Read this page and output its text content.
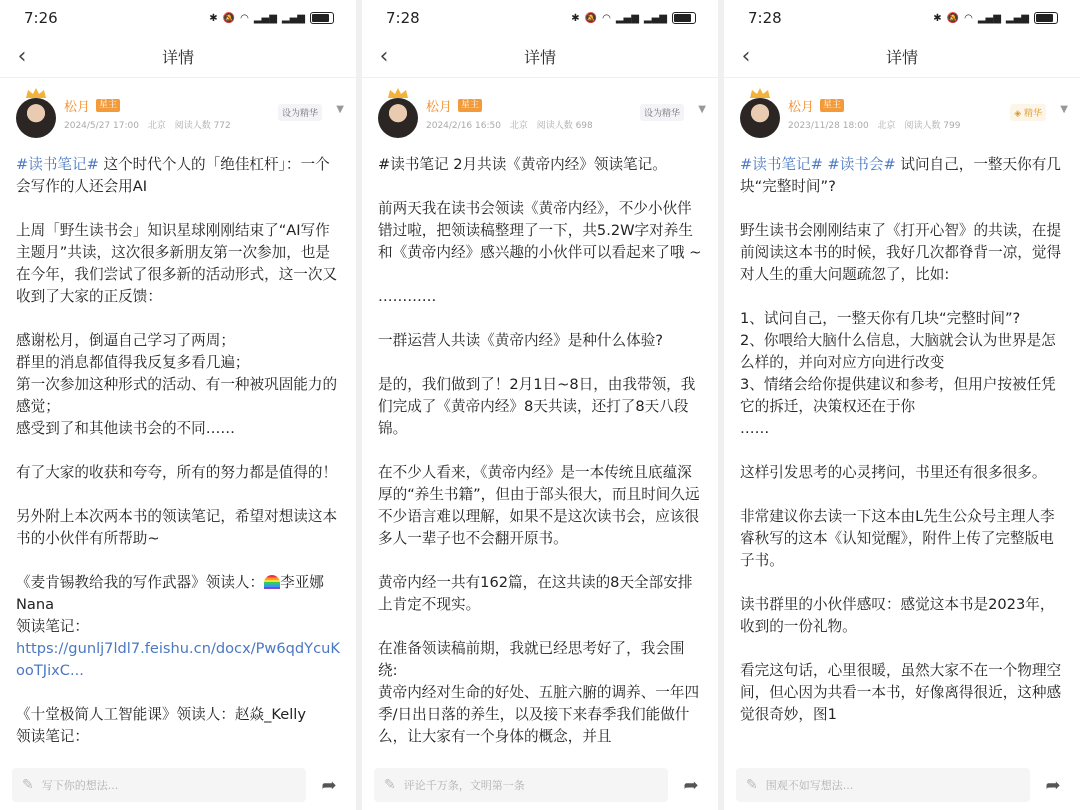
7:26	✱ 🔕 ◠ ▂▄▆ ▂▄▆
‹	详情
松月	星主
2024/5/27 17:00 北京 阅读人数 772
设为精华	▼

#读书笔记# 这个时代个人的「绝佳杠杆」：一个会写作的人还会用AI

上周「野生读书会」知识星球刚刚结束了“AI写作主题月”共读，这次很多新朋友第一次参加，也是在今年，我们尝试了很多新的活动形式，这一次又收到了大家的正反馈：

感谢松月，倒逼自己学习了两周；
群里的消息都值得我反复多看几遍；
第一次参加这种形式的活动、有一种被巩固能力的感觉；
感受到了和其他读书会的不同……

有了大家的收获和夸夸，所有的努力都是值得的！

另外附上本次两本书的领读笔记，希望对想读这本书的小伙伴有所帮助~

《麦肯锡教给我的写作武器》领读人： 李亚娜Nana
领读笔记：
https://gunlj7ldl7.feishu.cn/docx/Pw6qdYcuKooTJixC...

《十堂极简人工智能课》领读人：赵焱_Kelly
领读笔记：

✎ 写下你的想法...	➦
7:28	✱ 🔕 ◠ ▂▄▆ ▂▄▆
‹	详情
松月	星主
2024/2/16 16:50 北京 阅读人数 698
设为精华	▼

#读书笔记 2月共读《黄帝内经》领读笔记。

前两天我在读书会领读《黄帝内经》，不少小伙伴错过啦，把领读稿整理了一下，共5.2W字对养生和《黄帝内经》感兴趣的小伙伴可以看起来了哦 ~

…………

一群运营人共读《黄帝内经》是种什么体验?

是的，我们做到了！2月1日~8日，由我带领，我们完成了《黄帝内经》8天共读，还打了8天八段锦。

在不少人看来，《黄帝内经》是一本传统且底蕴深厚的“养生书籍”，但由于部头很大，而且时间久远不少语言难以理解，如果不是这次读书会，应该很多人一辈子也不会翻开原书。

黄帝内经一共有162篇，在这共读的8天全部安排上肯定不现实。

在准备领读稿前期，我就已经思考好了，我会围绕:
黄帝内经对生命的好处、五脏六腑的调养、一年四季/日出日落的养生，以及接下来春季我们能做什么，让大家有一个身体的概念，并且

✎ 评论千万条，文明第一条	➦
7:28	✱ 🔕 ◠ ▂▄▆ ▂▄▆
‹	详情
松月	星主
2023/11/28 18:00 北京 阅读人数 799
◈ 精华	▼

#读书笔记# #读书会# 试问自己，一整天你有几块“完整时间”?

野生读书会刚刚结束了《打开心智》的共读，在提前阅读这本书的时候，我好几次都脊背一凉，觉得对人生的重大问题疏忽了，比如:

1、试问自己，一整天你有几块“完整时间”?
2、你喂给大脑什么信息，大脑就会认为世界是怎么样的，并向对应方向进行改变
3、情绪会给你提供建议和参考，但用户按被任凭它的拆迁，决策权还在于你
……

这样引发思考的心灵拷问，书里还有很多很多。

非常建议你去读一下这本由L先生公众号主理人李睿秋写的这本《认知觉醒》，附件上传了完整版电子书。

读书群里的小伙伴感叹：感觉这本书是2023年，收到的一份礼物。

看完这句话，心里很暖，虽然大家不在一个物理空间，但心因为共看一本书，好像离得很近，这种感觉很奇妙，图1

✎ 围观不如写想法...	➦
